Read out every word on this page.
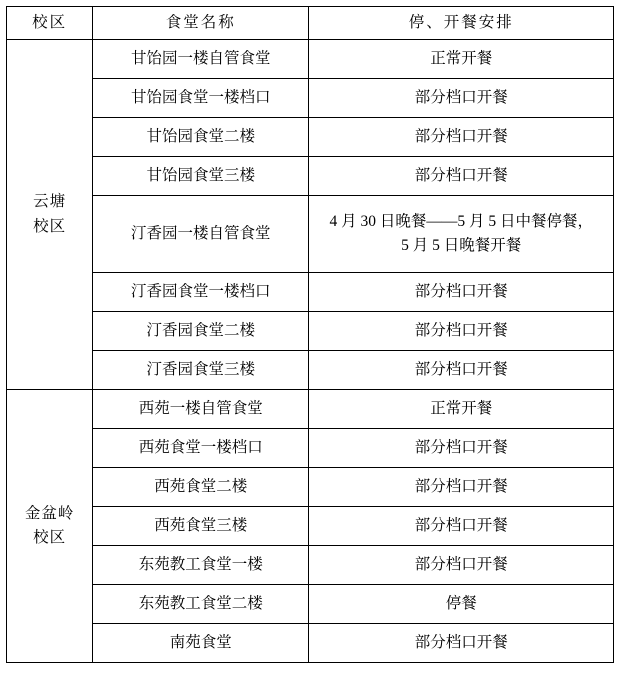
校区	食堂名称	停、开餐安排

云塘
校区	甘饴园一楼自管食堂	正常开餐
	甘饴园食堂一楼档口	部分档口开餐
	甘饴园食堂二楼	部分档口开餐
	甘饴园食堂三楼	部分档口开餐
	汀香园一楼自管食堂	4 月 30 日晚餐——5 月 5 日中餐停餐，
5 月 5 日晚餐开餐

	汀香园食堂一楼档口	部分档口开餐
	汀香园食堂二楼	部分档口开餐
	汀香园食堂三楼	部分档口开餐

金盆岭
校区	西苑一楼自管食堂	正常开餐
	西苑食堂一楼档口	部分档口开餐
	西苑食堂二楼	部分档口开餐
	西苑食堂三楼	部分档口开餐
	东苑教工食堂一楼	部分档口开餐
	东苑教工食堂二楼	停餐
	南苑食堂	部分档口开餐
